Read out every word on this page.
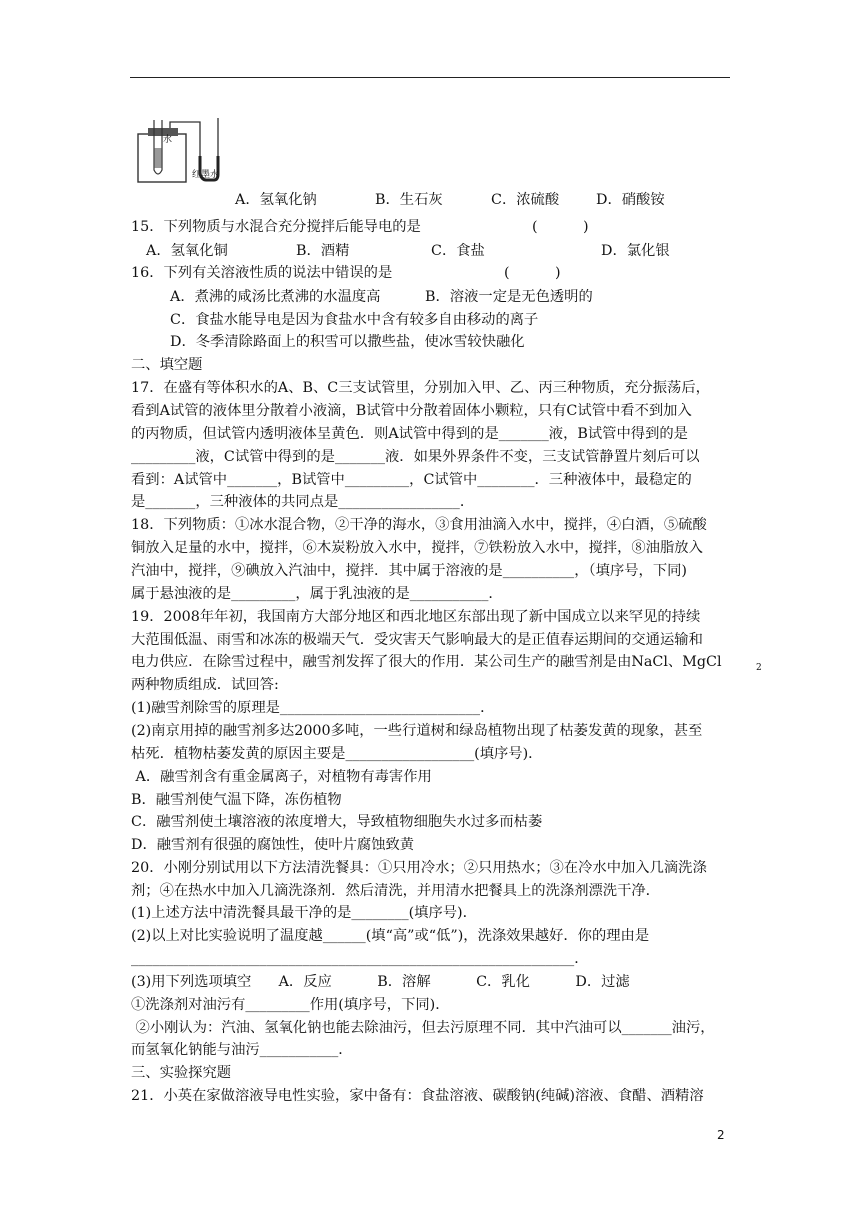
水
红墨水
A．氢氧化钠	B．生石灰	C．浓硫酸	D．硝酸铵
15．下列物质与水混合充分搅拌后能导电的是	(          )
A．氢氧化铜	B．酒精	C．食盐	D．氯化银
16．下列有关溶液性质的说法中错误的是	(          )
A．煮沸的咸汤比煮沸的水温度高	B．溶液一定是无色透明的
C．食盐水能导电是因为食盐水中含有较多自由移动的离子
D．冬季清除路面上的积雪可以撒些盐，使冰雪较快融化
二、填空题
17．在盛有等体积水的A、B、C三支试管里，分别加入甲、乙、丙三种物质，充分振荡后，
看到A试管的液体里分散着小液滴，B试管中分散着固体小颗粒，只有C试管中看不到加入
的丙物质，但试管内透明液体呈黄色．则A试管中得到的是_______液，B试管中得到的是
_________液，C试管中得到的是_______液．如果外界条件不变，三支试管静置片刻后可以
看到：A试管中_______，B试管中_________，C试管中________．三种液体中，最稳定的
是_______，三种液体的共同点是_________________．
18．下列物质：①冰水混合物，②干净的海水，③食用油滴入水中，搅拌，④白酒，⑤硫酸
铜放入足量的水中，搅拌，⑥木炭粉放入水中，搅拌，⑦铁粉放入水中，搅拌，⑧油脂放入
汽油中，搅拌，⑨碘放入汽油中，搅拌．其中属于溶液的是__________，（填序号，下同)
属于悬浊液的是_________，属于乳浊液的是___________．
19．2008年年初，我国南方大部分地区和西北地区东部出现了新中国成立以来罕见的持续
大范围低温、雨雪和冰冻的极端天气．受灾害天气影响最大的是正值春运期间的交通运输和
电力供应．在除雪过程中，融雪剂发挥了很大的作用．某公司生产的融雪剂是由NaCl、MgCl	2
两种物质组成．试回答:
(1)融雪剂除雪的原理是____________________________．
(2)南京用掉的融雪剂多达2000多吨，一些行道树和绿岛植物出现了枯萎发黄的现象，甚至
枯死．植物枯萎发黄的原因主要是__________________(填序号)．
A．融雪剂含有重金属离子，对植物有毒害作用
B．融雪剂使气温下降，冻伤植物
C．融雪剂使土壤溶液的浓度增大，导致植物细胞失水过多而枯萎
D．融雪剂有很强的腐蚀性，使叶片腐蚀致黄
20．小刚分别试用以下方法清洗餐具：①只用冷水；②只用热水；③在冷水中加入几滴洗涤
剂；④在热水中加入几滴洗涤剂．然后清洗，并用清水把餐具上的洗涤剂漂洗干净．
(1)上述方法中清洗餐具最干净的是________(填序号)．
(2)以上对比实验说明了温度越______(填“高”或“低”)，洗涤效果越好．你的理由是
______________________________________________________________．
(3)用下列选项填空      A．反应          B．溶解          C．乳化          D．过滤
①洗涤剂对油污有_________作用(填序号，下同)．
②小刚认为：汽油、氢氧化钠也能去除油污，但去污原理不同．其中汽油可以_______油污，
而氢氧化钠能与油污___________．
三、实验探究题
21．小英在家做溶液导电性实验，家中备有：食盐溶液、碳酸钠(纯碱)溶液、食醋、酒精溶
2
